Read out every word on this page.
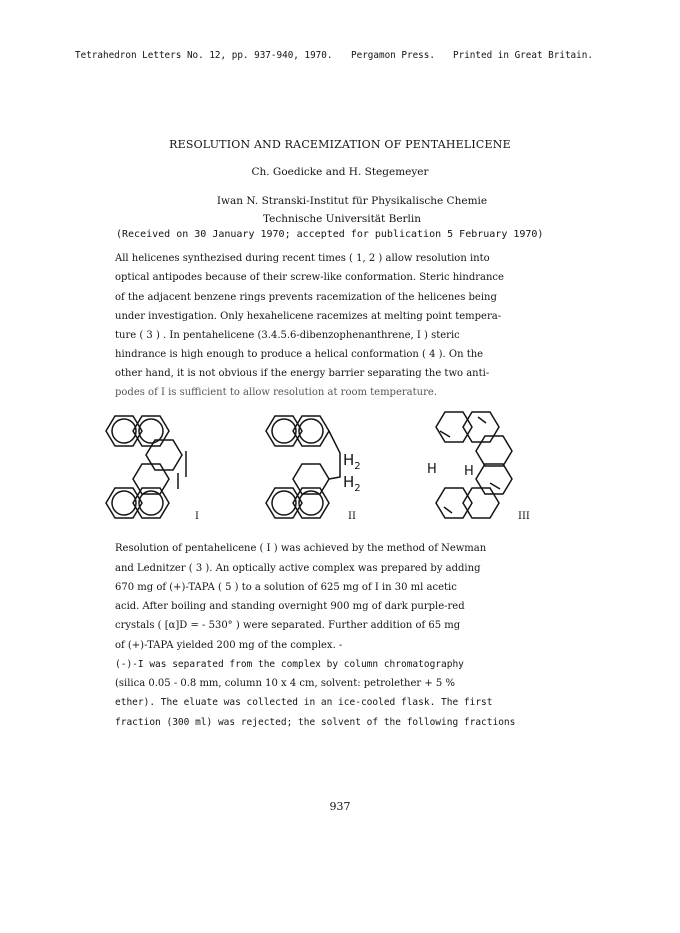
Tetrahedron Letters No. 12, pp. 937-940, 1970. Pergamon Press. Printed in Great Britain.
RESOLUTION AND RACEMIZATION OF PENTAHELICENE
Ch. Goedicke and H. Stegemeyer
Iwan N. Stranski-Institut für Physikalische Chemie
Technische Universität Berlin
(Received on 30 January 1970; accepted for publication 5 February 1970)
All helicenes synthezised during recent times ( 1, 2 ) allow resolution into
optical antipodes because of their screw-like conformation. Steric hindrance
of the adjacent benzene rings prevents racemization of the helicenes being
under investigation. Only hexahelicene racemizes at melting point tempera-
ture ( 3 ) . In pentahelicene (3.4.5.6-dibenzophenanthrene, I ) steric
hindrance is high enough to produce a helical conformation ( 4 ). On the
other hand, it is not obvious if the energy barrier separating the two anti-
podes of I is sufficient to allow resolution at room temperature.
I	II	III
$H_2$
$H_2$
H H
Resolution of pentahelicene ( I ) was achieved by the method of Newman
and Lednitzer ( 3 ). An optically active complex was prepared by adding
670 mg of (+)-TAPA ( 5 ) to a solution of 625 mg of I in 30 ml acetic
acid. After boiling and standing overnight 900 mg of dark purple-red
crystals ( [α]D = - 530° ) were separated. Further addition of 65 mg
of (+)-TAPA yielded 200 mg of the complex. -
(-)-I was separated from the complex by column chromatography
(silica 0.05 - 0.8 mm, column 10 x 4 cm, solvent: petrolether + 5 %
ether). The eluate was collected in an ice-cooled flask. The first
fraction (300 ml) was rejected; the solvent of the following fractions
937
